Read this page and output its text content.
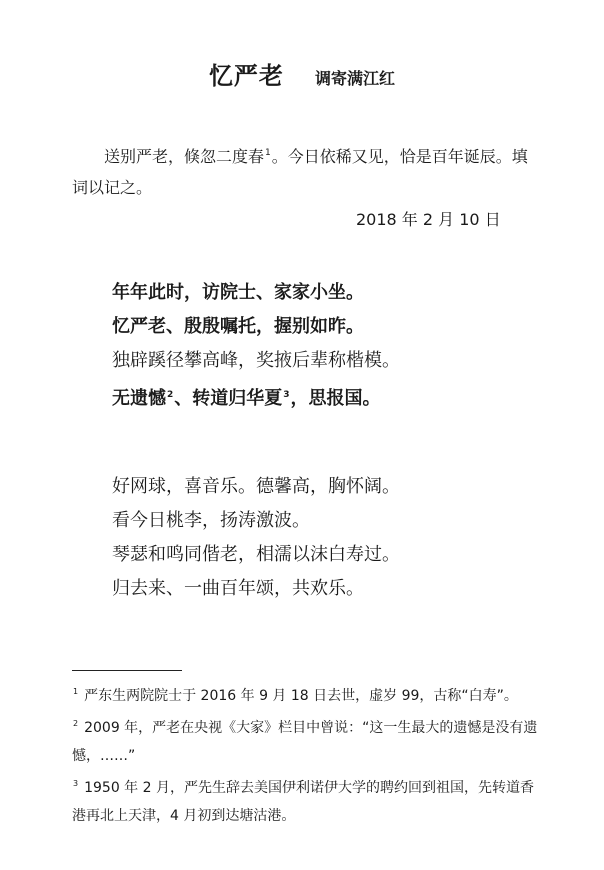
忆严老 调寄满江红
送别严老，倏忽二度春$^1$。今日依稀又见，恰是百年诞辰。填词以记之。
2018 年 2 月 10 日
年年此时，访院士、家家小坐。
忆严老、殷殷嘱托，握别如昨。
独辟蹊径攀高峰，奖掖后辈称楷模。
无遗憾$^2$、转道归华夏$^3$，思报国。
好网球，喜音乐。德馨高，胸怀阔。
看今日桃李，扬涛激波。
琴瑟和鸣同偕老，相濡以沫白寿过。
归去来、一曲百年颂，共欢乐。

$^1$ 严东生两院院士于 2016 年 9 月 18 日去世，虚岁 99，古称“白寿”。

$^2$ 2009 年，严老在央视《大家》栏目中曾说：“这一生最大的遗憾是没有遗憾，……”

$^3$ 1950 年 2 月，严先生辞去美国伊利诺伊大学的聘约回到祖国，先转道香港再北上天津，4 月初到达塘沽港。
